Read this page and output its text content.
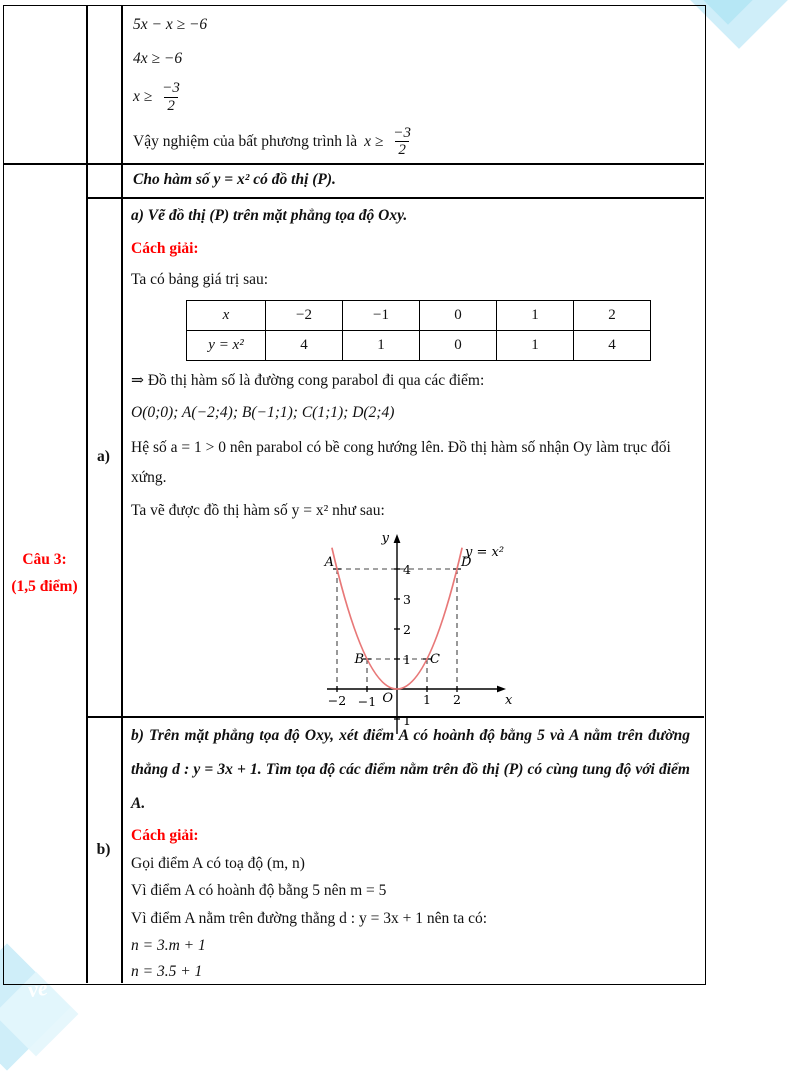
ve
Câu 3:
(1,5 điểm)
a)
b)

5x − x ≥ −6

4x ≥ −6

$x \ge \frac{-3}{2}$
Vậy nghiệm của bất phương trình là $x \ge \frac{-3}{2}$
Cho hàm số y = x² có đồ thị (P).

a) Vẽ đồ thị (P) trên mặt phẳng tọa độ Oxy.

Cách giải:

Ta có bảng giá trị sau:

x	−2	−1	0	1	2
y = x²	4	1	0	1	4

⇒ Đồ thị hàm số là đường cong parabol đi qua các điểm:

O(0;0); A(−2;4); B(−1;1); C(1;1); D(2;4)

Hệ số a = 1 > 0 nên parabol có bề cong hướng lên. Đồ thị hàm số nhận Oy làm trục đối xứng.

Ta vẽ được đồ thị hàm số y = x² như sau:

y
x
y = x²
A	D
B	C
O
−2 −1	1 2
4
3
2
1
1

b) Trên mặt phẳng tọa độ Oxy, xét điểm A có hoành độ bằng 5 và A nằm trên đường thẳng d : y = 3x + 1. Tìm tọa độ các điểm nằm trên đồ thị (P) có cùng tung độ với điểm A.

Cách giải:

Gọi điểm A có toạ độ (m, n)

Vì điểm A có hoành độ bằng 5 nên m = 5

Vì điểm A nằm trên đường thẳng d : y = 3x + 1 nên ta có:

n = 3.m + 1

n = 3.5 + 1
